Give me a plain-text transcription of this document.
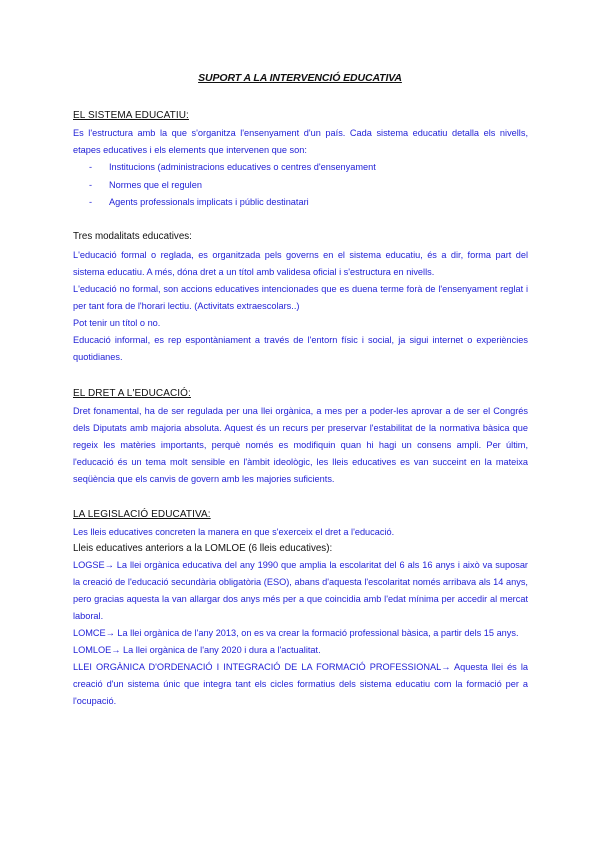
SUPORT A LA INTERVENCIÓ EDUCATIVA

EL SISTEMA EDUCATIU:

Es l'estructura amb la que s'organitza l'ensenyament d'un país. Cada sistema educatiu detalla els nivells, etapes educatives i els elements que intervenen que son:

- Institucions (administracions educatives o centres d'ensenyament
- Normes que el regulen
- Agents professionals implicats i públic destinatari

Tres modalitats educatives:

L'educació formal o reglada, es organitzada pels governs en el sistema educatiu, és a dir, forma part del sistema educatiu. A més, dóna dret a un títol amb validesa oficial i s'estructura en nivells.

L'educació no formal, son accions educatives intencionades que es duena terme forà de l'ensenyament reglat i per tant fora de l'horari lectiu. (Activitats extraescolars..)

Pot tenir un títol o no.

Educació informal, es rep espontàniament a través de l'entorn físic i social, ja sigui internet o experiències quotidianes.

EL DRET A L'EDUCACIÓ:

Dret fonamental, ha de ser regulada per una llei orgànica, a mes per a poder-les aprovar a de ser el Congrés dels Diputats amb majoria absoluta. Aquest és un recurs per preservar l'estabilitat de la normativa bàsica que regeix les matèries importants, perquè només es modifiquin quan hi hagi un consens ampli. Per últim, l'educació és un tema molt sensible en l'àmbit ideològic, les lleis educatives es van succeint en la mateixa seqüència que els canvis de govern amb les majories suficients.

LA LEGISLACIÓ EDUCATIVA:

Les lleis educatives concreten la manera en que s'exerceix el dret a l'educació.

Lleis educatives anteriors a la LOMLOE (6 lleis educatives):

LOGSE→ La llei orgànica educativa del any 1990 que amplia la escolaritat del 6 als 16 anys i això va suposar la creació de l'educació secundària obligatòria (ESO), abans d'aquesta l'escolaritat només arribava als 14 anys, pero gracias aquesta la van allargar dos anys més per a que coincidia amb l'edat mínima per accedir al mercat laboral.

LOMCE→ La llei orgànica de l'any 2013, on es va crear la formació professional bàsica, a partir dels 15 anys.

LOMLOE→ La llei orgànica de l'any 2020 i dura a l'actualitat.

LLEI ORGÀNICA D'ORDENACIÓ I INTEGRACIÓ DE LA FORMACIÓ PROFESSIONAL→ Aquesta llei és la creació d'un sistema únic que integra tant els cicles formatius dels sistema educatiu com la formació per a l'ocupació.
